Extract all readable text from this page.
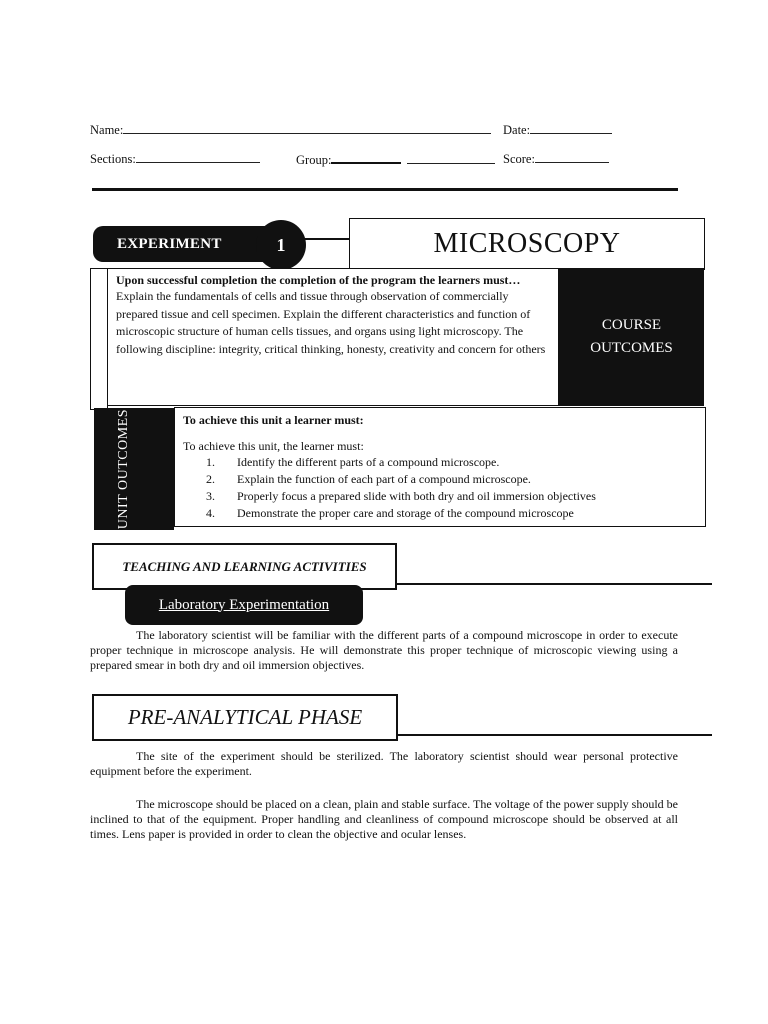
Name:	Date:
Sections:	Group:	Score:
EXPERIMENT	1	MICROSCOPY

Upon successful completion the completion of the program the learners must…

Explain the fundamentals of cells and tissue through observation of commercially prepared tissue and cell specimen. Explain the different characteristics and function of microscopic structure of human cells tissues, and organs using light microscopy. The following discipline: integrity, critical thinking, honesty, creativity and concern for others

COURSE
OUTCOMES
UNIT OUTCOMES	To achieve this unit a learner must:

To achieve this unit, the learner must:

1. Identify the different parts of a compound microscope.
2. Explain the function of each part of a compound microscope.
3. Properly focus a prepared slide with both dry and oil immersion objectives
4. Demonstrate the proper care and storage of the compound microscope
TEACHING AND LEARNING ACTIVITIES
Laboratory Experimentation

The laboratory scientist will be familiar with the different parts of a compound microscope in order to execute proper technique in microscope analysis. He will demonstrate this proper technique of microscopic viewing using a prepared smear in both dry and oil immersion objectives.

PRE-ANALYTICAL PHASE

The site of the experiment should be sterilized. The laboratory scientist should wear personal protective equipment before the experiment.

The microscope should be placed on a clean, plain and stable surface. The voltage of the power supply should be inclined to that of the equipment. Proper handling and cleanliness of compound microscope should be observed at all times. Lens paper is provided in order to clean the objective and ocular lenses.
